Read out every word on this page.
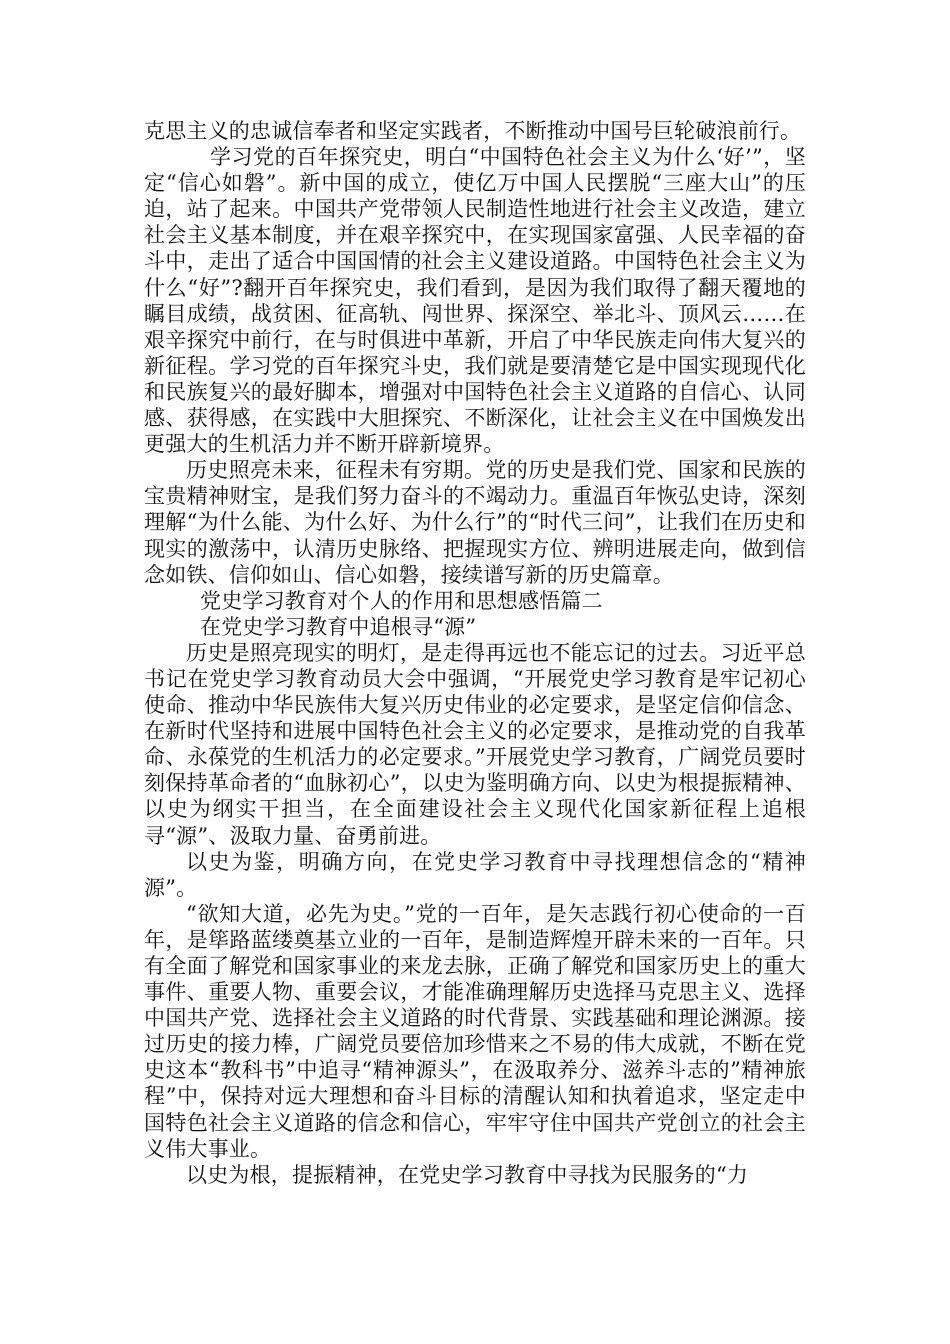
克思主义的忠诚信奉者和坚定实践者，不断推动中国号巨轮破浪前行。

学习党的百年探究史，明白“中国特色社会主义为什么‘好’”，坚定“信心如磐”。新中国的成立，使亿万中国人民摆脱“三座大山”的压迫，站了起来。中国共产党带领人民制造性地进行社会主义改造，建立社会主义基本制度，并在艰辛探究中，在实现国家富强、人民幸福的奋斗中，走出了适合中国国情的社会主义建设道路。中国特色社会主义为什么“好”?翻开百年探究史，我们看到，是因为我们取得了翻天覆地的瞩目成绩，战贫困、征高轨、闯世界、探深空、举北斗、顶风云……在艰辛探究中前行，在与时俱进中革新，开启了中华民族走向伟大复兴的新征程。学习党的百年探究斗史，我们就是要清楚它是中国实现现代化和民族复兴的最好脚本，增强对中国特色社会主义道路的自信心、认同感、获得感，在实践中大胆探究、不断深化，让社会主义在中国焕发出更强大的生机活力并不断开辟新境界。

历史照亮未来，征程未有穷期。党的历史是我们党、国家和民族的宝贵精神财宝，是我们努力奋斗的不竭动力。重温百年恢弘史诗，深刻理解“为什么能、为什么好、为什么行”的“时代三问”，让我们在历史和现实的激荡中，认清历史脉络、把握现实方位、辨明进展走向，做到信念如铁、信仰如山、信心如磐，接续谱写新的历史篇章。

党史学习教育对个人的作用和思想感悟篇二

在党史学习教育中追根寻“源”

历史是照亮现实的明灯，是走得再远也不能忘记的过去。习近平总书记在党史学习教育动员大会中强调，“开展党史学习教育是牢记初心使命、推动中华民族伟大复兴历史伟业的必定要求，是坚定信仰信念、在新时代坚持和进展中国特色社会主义的必定要求，是推动党的自我革命、永葆党的生机活力的必定要求。”开展党史学习教育，广阔党员要时刻保持革命者的“血脉初心”，以史为鉴明确方向、以史为根提振精神、以史为纲实干担当，在全面建设社会主义现代化国家新征程上追根寻“源”、汲取力量、奋勇前进。

以史为鉴，明确方向，在党史学习教育中寻找理想信念的“精神源”。

“欲知大道，必先为史。”党的一百年，是矢志践行初心使命的一百年，是筚路蓝缕奠基立业的一百年，是制造辉煌开辟未来的一百年。只有全面了解党和国家事业的来龙去脉，正确了解党和国家历史上的重大事件、重要人物、重要会议，才能准确理解历史选择马克思主义、选择中国共产党、选择社会主义道路的时代背景、实践基础和理论渊源。接过历史的接力棒，广阔党员要倍加珍惜来之不易的伟大成就，不断在党史这本“教科书”中追寻“精神源头”，在汲取养分、滋养斗志的”精神旅程”中，保持对远大理想和奋斗目标的清醒认知和执着追求，坚定走中国特色社会主义道路的信念和信心，牢牢守住中国共产党创立的社会主义伟大事业。

以史为根，提振精神，在党史学习教育中寻找为民服务的“力
